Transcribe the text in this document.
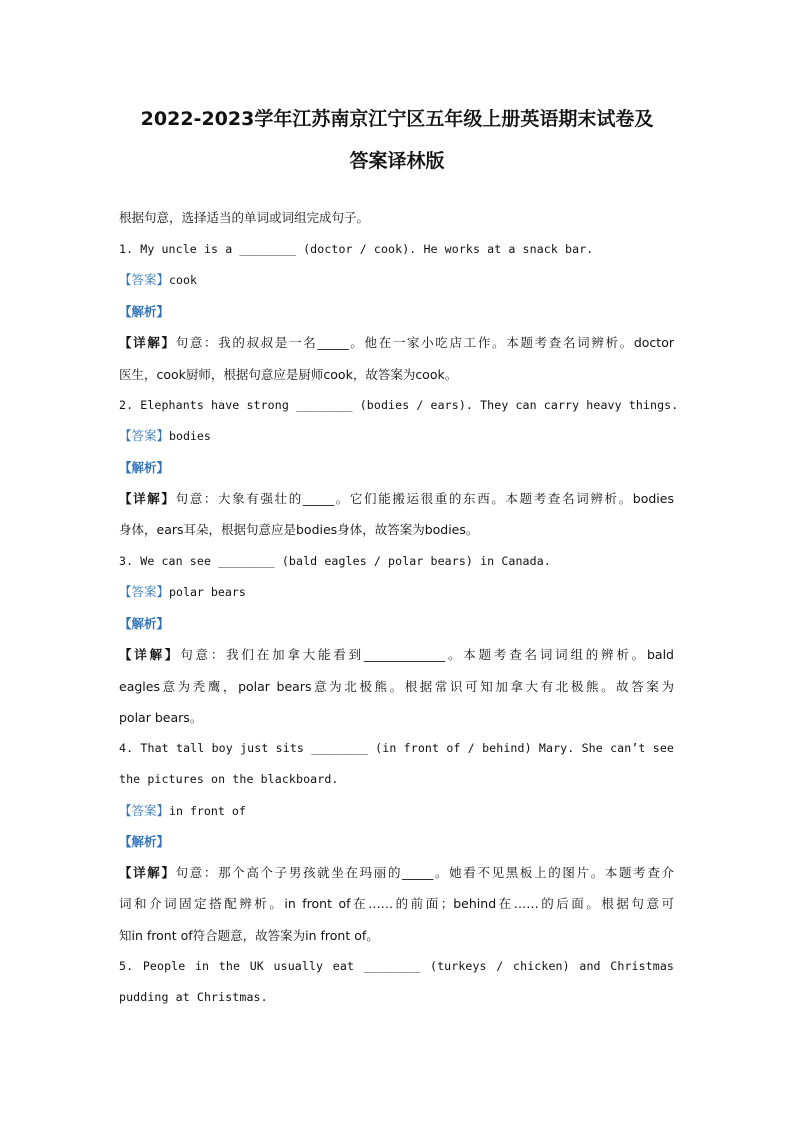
2022-2023学年江苏南京江宁区五年级上册英语期末试卷及
答案译林版
根据句意，选择适当的单词或词组完成句子。
1. My uncle is a ________ (doctor / cook). He works at a snack bar.
【答案】cook
【解析】
【详解】句意：我的叔叔是一名_____。他在一家小吃店工作。本题考查名词辨析。doctor
医生，cook厨师，根据句意应是厨师cook，故答案为cook。
2. Elephants have strong ________ (bodies / ears). They can carry heavy things.
【答案】bodies
【解析】
【详解】句意：大象有强壮的_____。它们能搬运很重的东西。本题考查名词辨析。bodies
身体，ears耳朵，根据句意应是bodies身体，故答案为bodies。
3. We can see ________ (bald eagles / polar bears) in Canada.
【答案】polar bears
【解析】
【详解】句意：我们在加拿大能看到_____________。本题考查名词词组的辨析。bald
eagles意为秃鹰，polar bears意为北极熊。根据常识可知加拿大有北极熊。故答案为
polar bears。
4. That tall boy just sits ________ (in front of / behind) Mary. She can’t see
the pictures on the blackboard.
【答案】in front of
【解析】
【详解】句意：那个高个子男孩就坐在玛丽的_____。她看不见黑板上的图片。本题考查介
词和介词固定搭配辨析。in front of在……的前面；behind在……的后面。根据句意可
知in front of符合题意，故答案为in front of。
5. People in the UK usually eat ________ (turkeys / chicken) and Christmas
pudding at Christmas.
